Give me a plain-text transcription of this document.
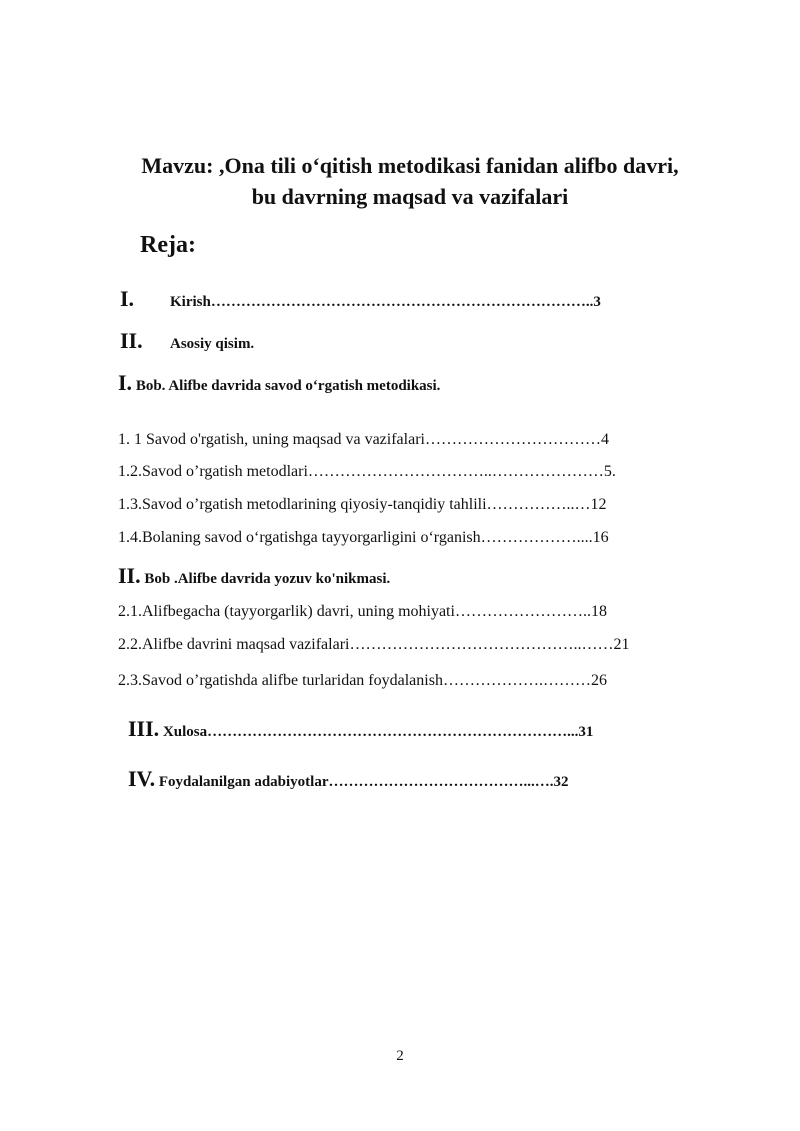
Mavzu: ,Ona tili o‘qitish metodikasi fanidan alifbo davri,
bu davrning maqsad va vazifalari
Reja:
I. Kirish…………………………………………………………………..3
II. Asosiy qisim.
I. Bob. Alifbe davrida savod o‘rgatish metodikasi.
1. 1 Savod o'rgatish, uning maqsad va vazifalari……………………………4
1.2.Savod o’rgatish metodlari……………………………..…………………5.
1.3.Savod o’rgatish metodlarining qiyosiy-tanqidiy tahlili……………..…12
1.4.Bolaning savod o‘rgatishga tayyorgarligini o‘rganish………………....16
II. Bob .Alifbe davrida yozuv ko'nikmasi.
2.1.Alifbegacha (tayyorgarlik) davri, uning mohiyati……………………..18
2.2.Alifbe davrini maqsad vazifalari……………………………………..……21
2.3.Savod o’rgatishda alifbe turlaridan foydalanish……………….………26
III. Xulosa………………………………………………………………...31
IV. Foydalanilgan adabiyotlar…………………………………...….32
2
